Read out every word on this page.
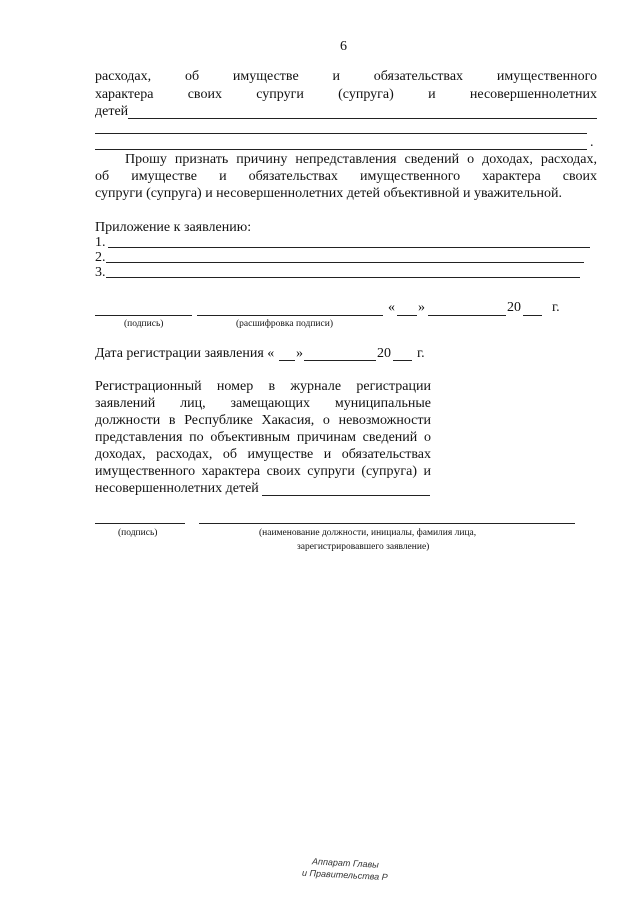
6
расходах, об имуществе и обязательствах имущественного
характера своих супруги (супруга) и несовершеннолетних
детей
.
Прошу признать причину непредставления сведений о доходах, расходах,
об имуществе и обязательствах имущественного характера своих
супруги (супруга) и несовершеннолетних детей объективной и уважительной.
Приложение к заявлению:
1.
2.
3.
« »	20 г.
(подпись)	(расшифровка подписи)
Дата регистрации заявления « »	20 г.
Регистрационный номер в журнале регистрации
заявлений лиц, замещающих муниципальные
должности в Республике Хакасия, о невозможности
представления по объективным причинам сведений о
доходах, расходах, об имуществе и обязательствах
имущественного характера своих супруги (супруга) и
несовершеннолетних детей
(подпись)	(наименование должности, инициалы, фамилия лица,
зарегистрировавшего заявление)
Аппарат Главы
и Правительства Р
